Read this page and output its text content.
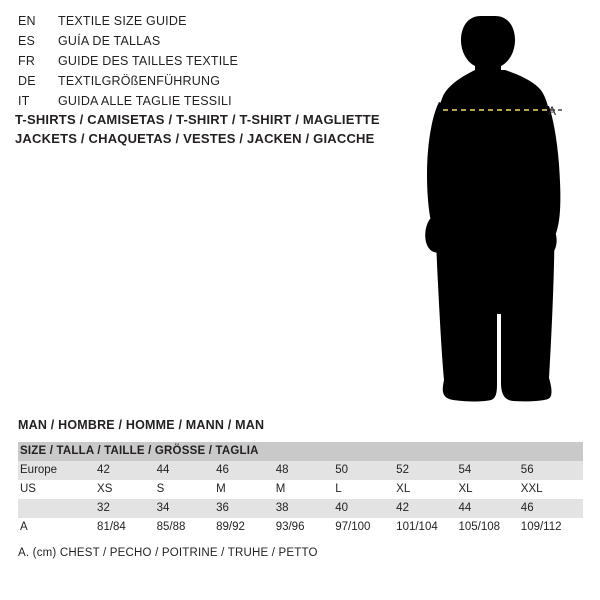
EN	TEXTILE SIZE GUIDE
ES	GUÍA DE TALLAS
FR	GUIDE DES TAILLES TEXTILE
DE	TEXTILGRÖßENFÜHRUNG
IT	GUIDA ALLE TAGLIE TESSILI
T-SHIRTS / CAMISETAS / T-SHIRT / T-SHIRT / MAGLIETTE
JACKETS / CHAQUETAS / VESTES / JACKEN / GIACCHE
A
MAN / HOMBRE / HOMME / MANN / MAN
SIZE / TALLA / TAILLE / GRÖSSE / TAGLIA								
Europe	42	44	46	48	50	52	54	56
US	XS	S	M	M	L	XL	XL	XXL
	32	34	36	38	40	42	44	46
A	81/84	85/88	89/92	93/96	97/100	101/104	105/108	109/112
A. (cm) CHEST / PECHO / POITRINE / TRUHE / PETTO
